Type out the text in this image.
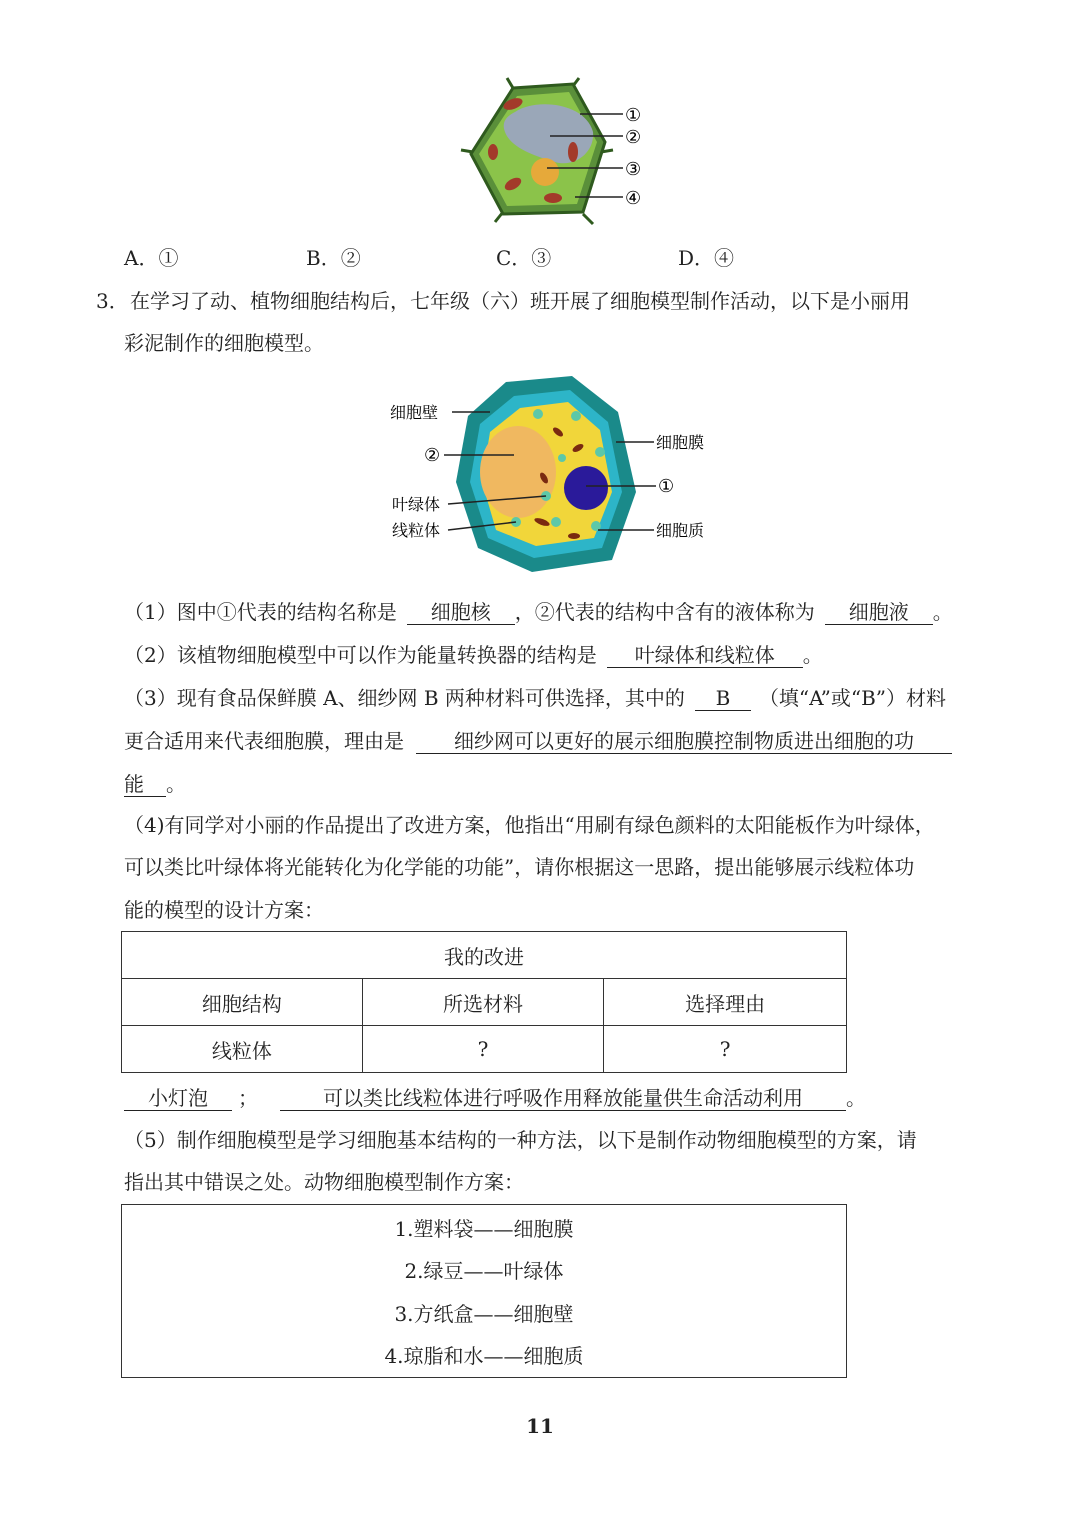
①
②
③
④
A．①	B．②	C．③	D．④
3． 在学习了动、植物细胞结构后，七年级（六）班开展了细胞模型制作活动，以下是小丽用
彩泥制作的细胞模型。
细胞壁
②
叶绿体
线粒体
细胞膜
①
细胞质
（1）图中①代表的结构名称是 细胞核 ，②代表的结构中含有的液体称为 细胞液 。
（2）该植物细胞模型中可以作为能量转换器的结构是 叶绿体和线粒体 。
（3）现有食品保鲜膜 A、细纱网 B 两种材料可供选择，其中的 B （填“A”或“B”）材料
更合适用来代表细胞膜，理由是	细纱网可以更好的展示细胞膜控制物质进出细胞的功
能 。
（4)有同学对小丽的作品提出了改进方案，他指出“用刷有绿色颜料的太阳能板作为叶绿体，
可以类比叶绿体将光能转化为化学能的功能”，请你根据这一思路，提出能够展示线粒体功
能的模型的设计方案：
我的改进		
细胞结构	所选材料	选择理由
线粒体	?	?
小灯泡 ；	可以类比线粒体进行呼吸作用释放能量供生命活动利用 。
（5）制作细胞模型是学习细胞基本结构的一种方法，以下是制作动物细胞模型的方案，请
指出其中错误之处。动物细胞模型制作方案：
1.塑料袋——细胞膜
2.绿豆——叶绿体
3.方纸盒——细胞壁
4.琼脂和水——细胞质
11
